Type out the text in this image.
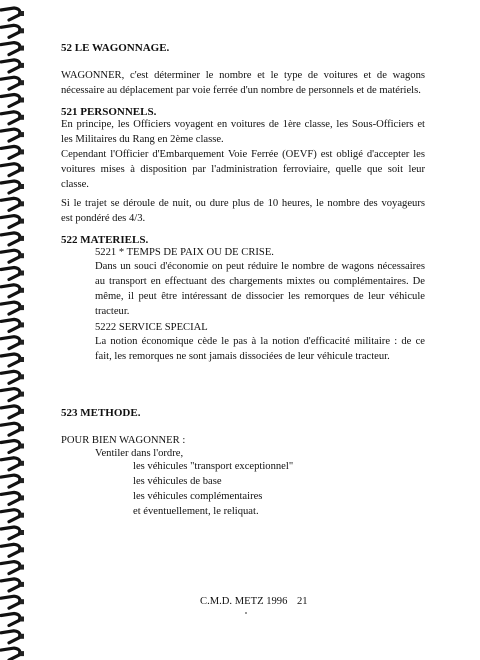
52 LE WAGONNAGE.
WAGONNER, c'est déterminer le nombre et le type de voitures et de wagons
nécessaire au déplacement par voie ferrée d'un nombre de personnels et de matériels.
521 PERSONNELS.
En principe, les Officiers voyagent en voitures de 1ère classe, les Sous-Officiers et
les Militaires du Rang en 2ème classe.
Cependant l'Officier d'Embarquement Voie Ferrée (OEVF) est obligé d'accepter les
voitures mises à disposition par l'administration ferroviaire, quelle que soit leur
classe.
Si le trajet se déroule de nuit, ou dure plus de 10 heures, le nombre des voyageurs
est pondéré des 4/3.
522 MATERIELS.
5221 * TEMPS DE PAIX OU DE CRISE.
Dans un souci d'économie on peut réduire le nombre de wagons nécessaires
au transport en effectuant des chargements mixtes ou complémentaires. De
même, il peut être intéressant de dissocier les remorques de leur véhicule
tracteur.
5222 SERVICE SPECIAL
La notion économique cède le pas à la notion d'efficacité militaire : de ce
fait, les remorques ne sont jamais dissociées de leur véhicule tracteur.
523 METHODE.
POUR BIEN WAGONNER :
Ventiler dans l'ordre,
les véhicules "transport exceptionnel"
les véhicules de base
les véhicules complémentaires
et éventuellement, le reliquat.
C.M.D. METZ 1996 21
